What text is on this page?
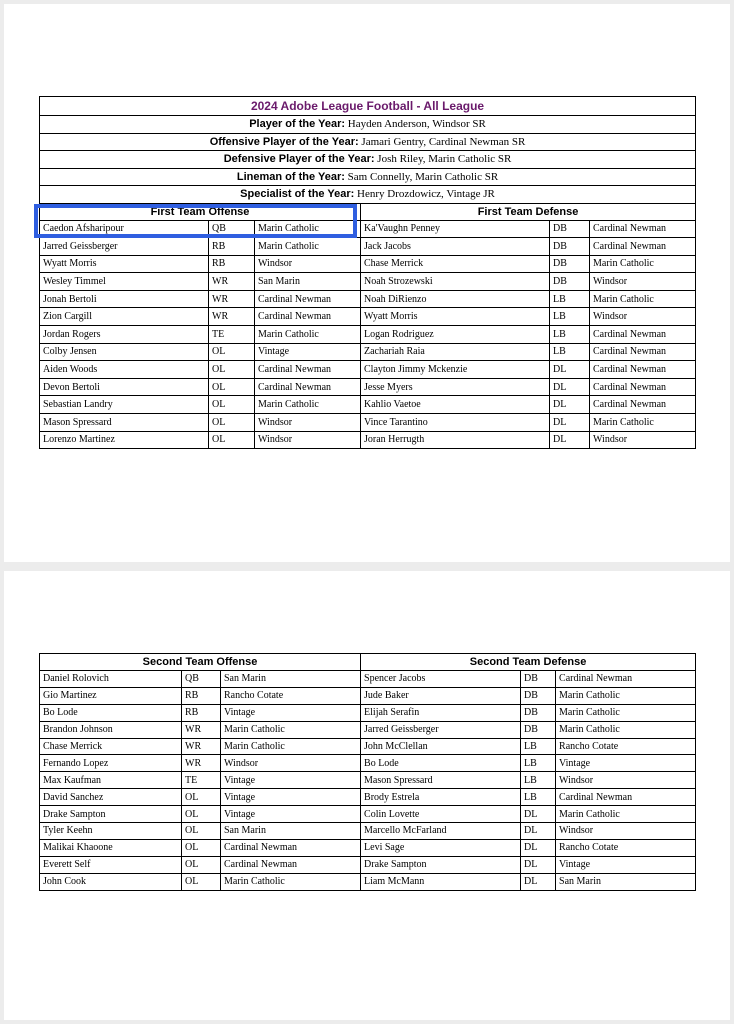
2024 Adobe League Football - All League					
Player of the Year: Hayden Anderson, Windsor SR					
Offensive Player of the Year: Jamari Gentry, Cardinal Newman SR					
Defensive Player of the Year: Josh Riley, Marin Catholic SR					
Lineman of the Year: Sam Connelly, Marin Catholic SR					
Specialist of the Year: Henry Drozdowicz, Vintage JR					
First Team Offense			First Team Defense		
Caedon Afsharipour	QB	Marin Catholic	Ka'Vaughn Penney	DB	Cardinal Newman
Jarred Geissberger	RB	Marin Catholic	Jack Jacobs	DB	Cardinal Newman
Wyatt Morris	RB	Windsor	Chase Merrick	DB	Marin Catholic
Wesley Timmel	WR	San Marin	Noah Strozewski	DB	Windsor
Jonah Bertoli	WR	Cardinal Newman	Noah DiRienzo	LB	Marin Catholic
Zion Cargill	WR	Cardinal Newman	Wyatt Morris	LB	Windsor
Jordan Rogers	TE	Marin Catholic	Logan Rodriguez	LB	Cardinal Newman
Colby Jensen	OL	Vintage	Zachariah Raia	LB	Cardinal Newman
Aiden Woods	OL	Cardinal Newman	Clayton Jimmy Mckenzie	DL	Cardinal Newman
Devon Bertoli	OL	Cardinal Newman	Jesse Myers	DL	Cardinal Newman
Sebastian Landry	OL	Marin Catholic	Kahlio Vaetoe	DL	Cardinal Newman
Mason Spressard	OL	Windsor	Vince Tarantino	DL	Marin Catholic
Lorenzo Martinez	OL	Windsor	Joran Herrugth	DL	Windsor
Second Team Offense			Second Team Defense		
Daniel Rolovich	QB	San Marin	Spencer Jacobs	DB	Cardinal Newman
Gio Martinez	RB	Rancho Cotate	Jude Baker	DB	Marin Catholic
Bo Lode	RB	Vintage	Elijah Serafin	DB	Marin Catholic
Brandon Johnson	WR	Marin Catholic	Jarred Geissberger	DB	Marin Catholic
Chase Merrick	WR	Marin Catholic	John McClellan	LB	Rancho Cotate
Fernando Lopez	WR	Windsor	Bo Lode	LB	Vintage
Max Kaufman	TE	Vintage	Mason Spressard	LB	Windsor
David Sanchez	OL	Vintage	Brody Estrela	LB	Cardinal Newman
Drake Sampton	OL	Vintage	Colin Lovette	DL	Marin Catholic
Tyler Keehn	OL	San Marin	Marcello McFarland	DL	Windsor
Malikai Khaoone	OL	Cardinal Newman	Levi Sage	DL	Rancho Cotate
Everett Self	OL	Cardinal Newman	Drake Sampton	DL	Vintage
John Cook	OL	Marin Catholic	Liam McMann	DL	San Marin
